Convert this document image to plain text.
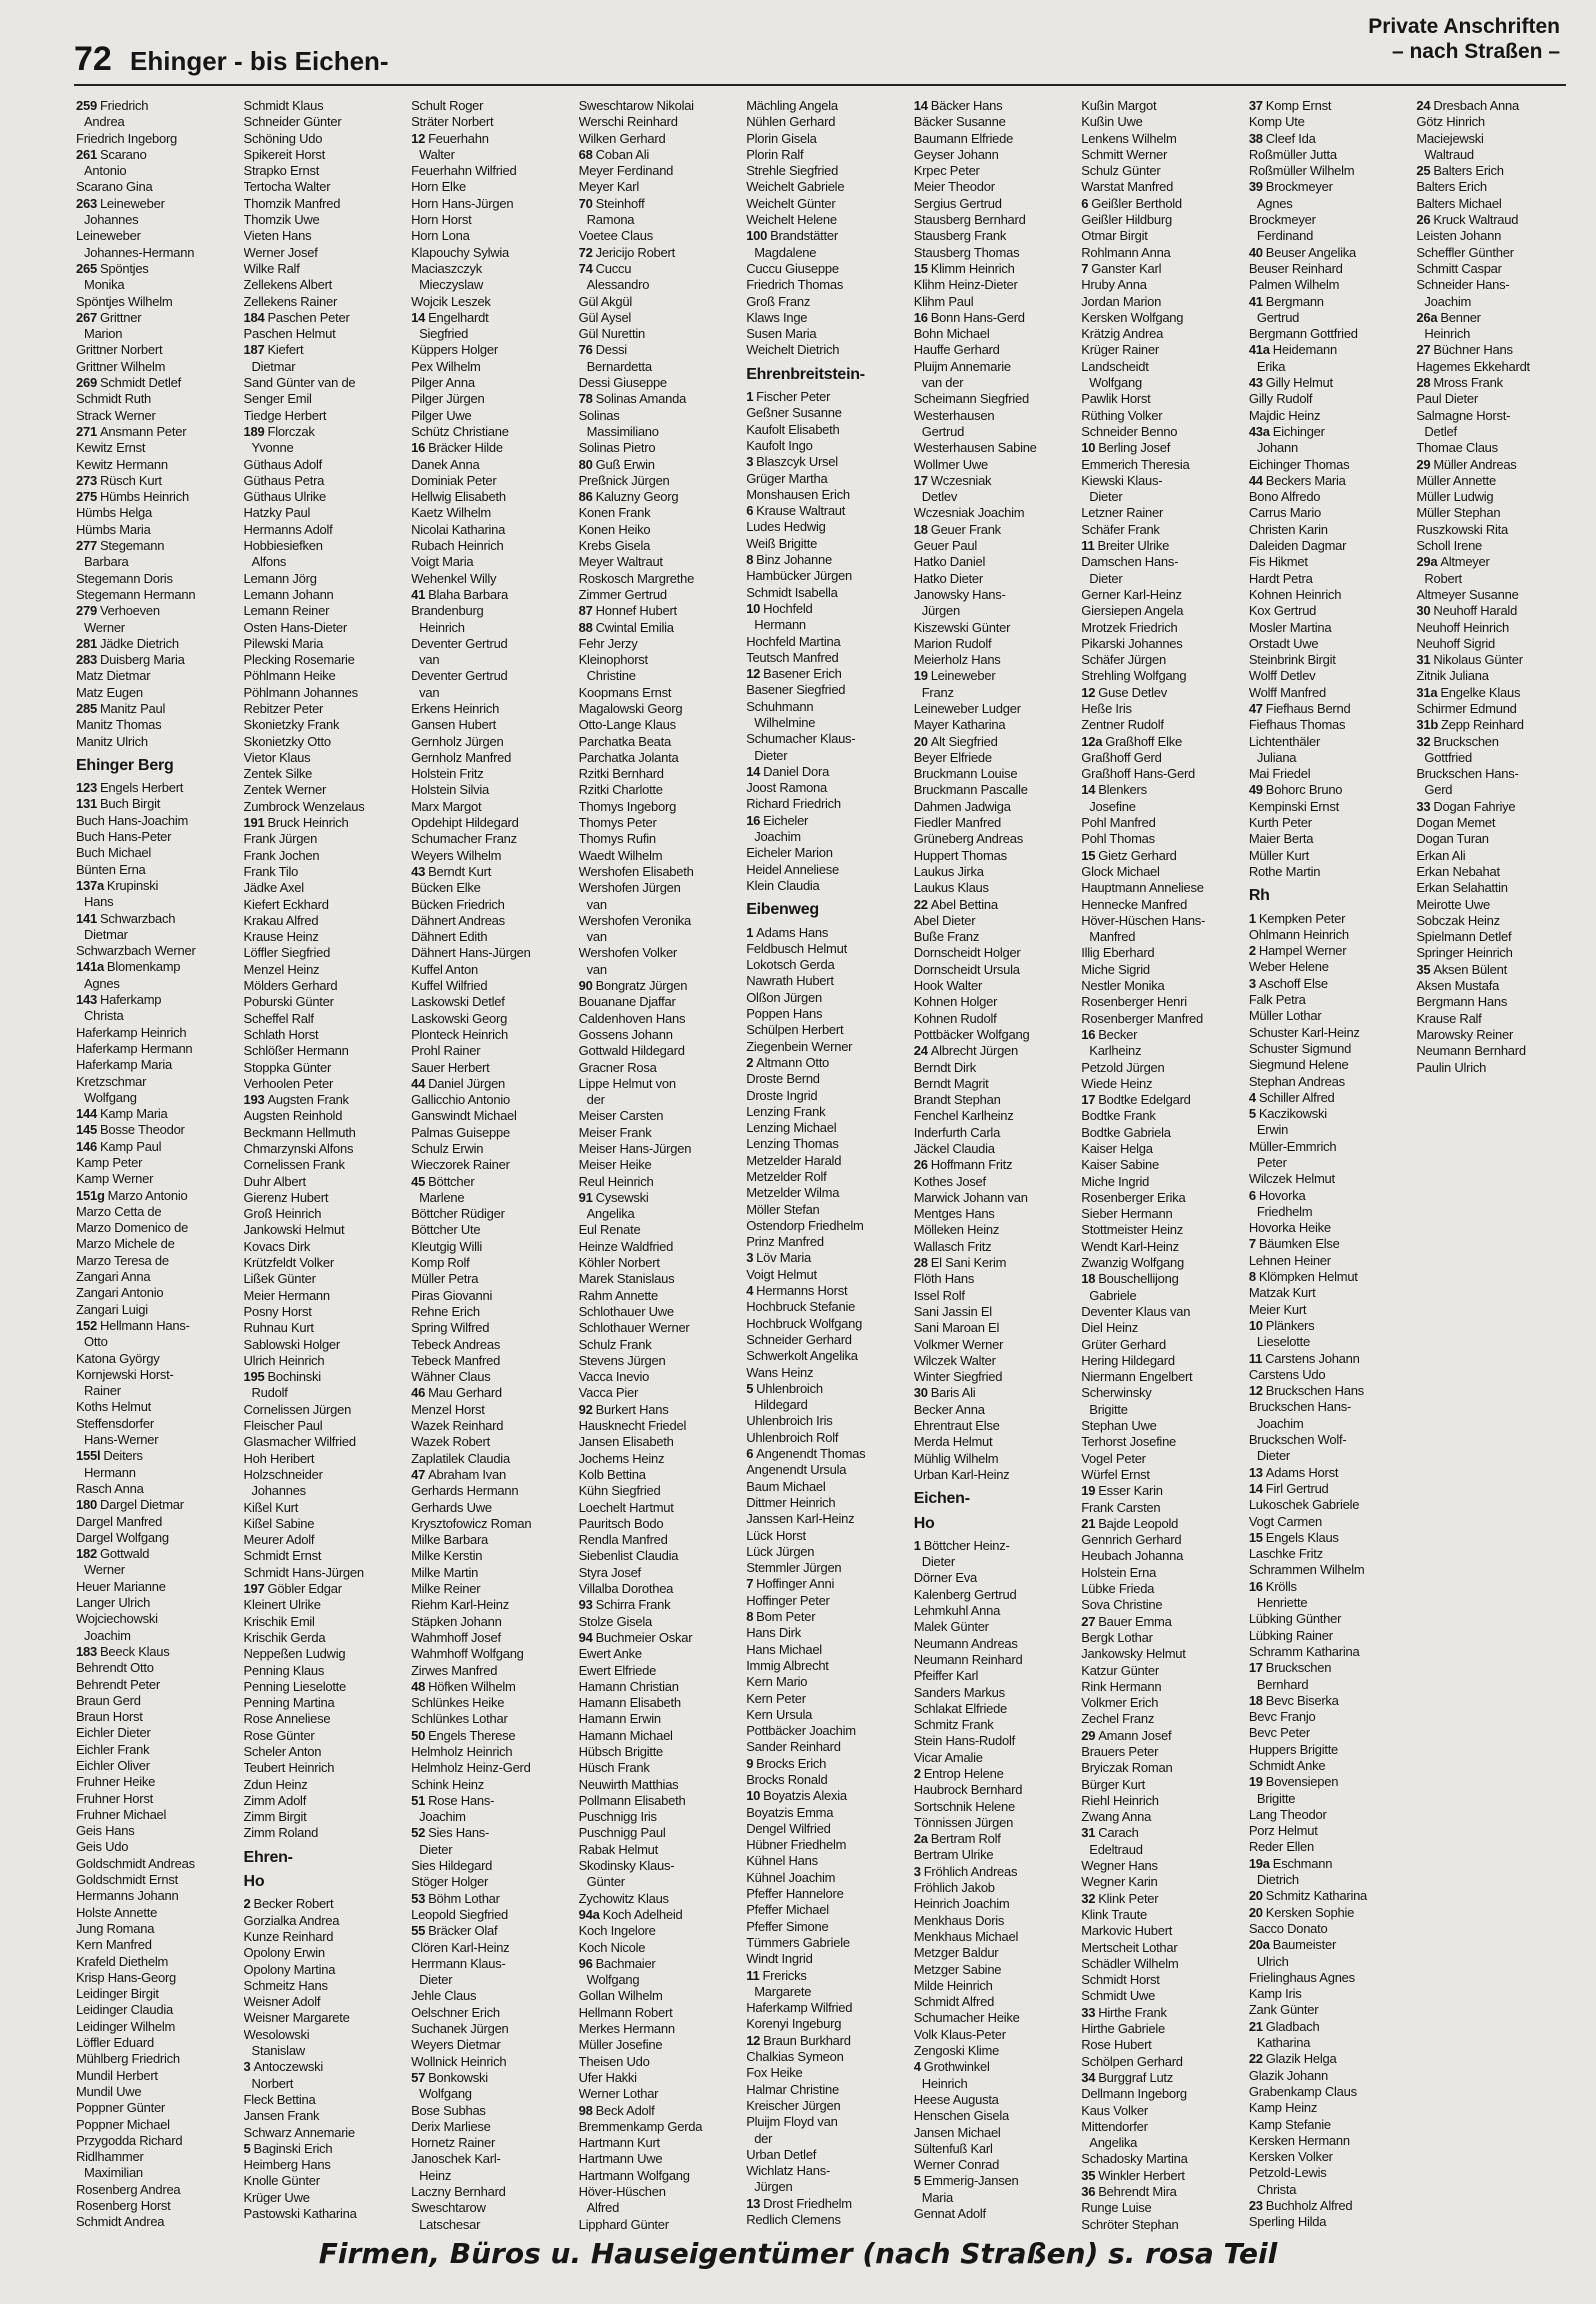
72 Ehinger - bis Eichen-
Private Anschriften
– nach Straßen –
259 Friedrich
Andrea
Friedrich Ingeborg
261 Scarano
Antonio
Scarano Gina
263 Leineweber
Johannes
Leineweber
Johannes-Hermann
265 Spöntjes
Monika
Spöntjes Wilhelm
267 Grittner
Marion
Grittner Norbert
Grittner Wilhelm
269 Schmidt Detlef
Schmidt Ruth
Strack Werner
271 Ansmann Peter
Kewitz Ernst
Kewitz Hermann
273 Rüsch Kurt
275 Hümbs Heinrich
Hümbs Helga
Hümbs Maria
277 Stegemann
Barbara
Stegemann Doris
Stegemann Hermann
279 Verhoeven
Werner
281 Jädke Dietrich
283 Duisberg Maria
Matz Dietmar
Matz Eugen
285 Manitz Paul
Manitz Thomas
Manitz Ulrich
Ehinger Berg
123 Engels Herbert
131 Buch Birgit
Buch Hans-Joachim
Buch Hans-Peter
Buch Michael
Bünten Erna
137a Krupinski
Hans
141 Schwarzbach
Dietmar
Schwarzbach Werner
141a Blomenkamp
Agnes
143 Haferkamp
Christa
Haferkamp Heinrich
Haferkamp Hermann
Haferkamp Maria
Kretzschmar
Wolfgang
144 Kamp Maria
145 Bosse Theodor
146 Kamp Paul
Kamp Peter
Kamp Werner
151g Marzo Antonio
Marzo Cetta de
Marzo Domenico de
Marzo Michele de
Marzo Teresa de
Zangari Anna
Zangari Antonio
Zangari Luigi
152 Hellmann Hans-
Otto
Katona György
Kornjewski Horst-
Rainer
Koths Helmut
Steffensdorfer
Hans-Werner
155l Deiters
Hermann
Rasch Anna
180 Dargel Dietmar
Dargel Manfred
Dargel Wolfgang
182 Gottwald
Werner
Heuer Marianne
Langer Ulrich
Wojciechowski
Joachim
183 Beeck Klaus
Behrendt Otto
Behrendt Peter
Braun Gerd
Braun Horst
Eichler Dieter
Eichler Frank
Eichler Oliver
Fruhner Heike
Fruhner Horst
Fruhner Michael
Geis Hans
Geis Udo
Goldschmidt Andreas
Goldschmidt Ernst
Hermanns Johann
Holste Annette
Jung Romana
Kern Manfred
Krafeld Diethelm
Krisp Hans-Georg
Leidinger Birgit
Leidinger Claudia
Leidinger Wilhelm
Löffler Eduard
Mühlberg Friedrich
Mundil Herbert
Mundil Uwe
Poppner Günter
Poppner Michael
Przygodda Richard
Ridlhammer
Maximilian
Rosenberg Andrea
Rosenberg Horst
Schmidt Andrea
Schmidt Klaus
Schneider Günter
Schöning Udo
Spikereit Horst
Strapko Ernst
Tertocha Walter
Thomzik Manfred
Thomzik Uwe
Vieten Hans
Werner Josef
Wilke Ralf
Zellekens Albert
Zellekens Rainer
184 Paschen Peter
Paschen Helmut
187 Kiefert
Dietmar
Sand Günter van de
Senger Emil
Tiedge Herbert
189 Florczak
Yvonne
Güthaus Adolf
Güthaus Petra
Güthaus Ulrike
Hatzky Paul
Hermanns Adolf
Hobbiesiefken
Alfons
Lemann Jörg
Lemann Johann
Lemann Reiner
Osten Hans-Dieter
Pilewski Maria
Plecking Rosemarie
Pöhlmann Heike
Pöhlmann Johannes
Rebitzer Peter
Skonietzky Frank
Skonietzky Otto
Vietor Klaus
Zentek Silke
Zentek Werner
Zumbrock Wenzelaus
191 Bruck Heinrich
Frank Jürgen
Frank Jochen
Frank Tilo
Jädke Axel
Kiefert Eckhard
Krakau Alfred
Krause Heinz
Löffler Siegfried
Menzel Heinz
Mölders Gerhard
Poburski Günter
Scheffel Ralf
Schlath Horst
Schlößer Hermann
Stoppka Günter
Verhoolen Peter
193 Augsten Frank
Augsten Reinhold
Beckmann Hellmuth
Chmarzynski Alfons
Cornelissen Frank
Duhr Albert
Gierenz Hubert
Groß Heinrich
Jankowski Helmut
Kovacs Dirk
Krützfeldt Volker
Lißek Günter
Meier Hermann
Posny Horst
Ruhnau Kurt
Sablowski Holger
Ulrich Heinrich
195 Bochinski
Rudolf
Cornelissen Jürgen
Fleischer Paul
Glasmacher Wilfried
Hoh Heribert
Holzschneider
Johannes
Kißel Kurt
Kißel Sabine
Meurer Adolf
Schmidt Ernst
Schmidt Hans-Jürgen
197 Göbler Edgar
Kleinert Ulrike
Krischik Emil
Krischik Gerda
Neppeßen Ludwig
Penning Klaus
Penning Lieselotte
Penning Martina
Rose Anneliese
Rose Günter
Scheler Anton
Teubert Heinrich
Zdun Heinz
Zimm Adolf
Zimm Birgit
Zimm Roland
Ehren-
Ho
2 Becker Robert
Gorzialka Andrea
Kunze Reinhard
Opolony Erwin
Opolony Martina
Schmeitz Hans
Weisner Adolf
Weisner Margarete
Wesolowski
Stanislaw
3 Antoczewski
Norbert
Fleck Bettina
Jansen Frank
Schwarz Annemarie
5 Baginski Erich
Heimberg Hans
Knolle Günter
Krüger Uwe
Pastowski Katharina
Schult Roger
Sträter Norbert
12 Feuerhahn
Walter
Feuerhahn Wilfried
Horn Elke
Horn Hans-Jürgen
Horn Horst
Horn Lona
Klapouchy Sylwia
Maciaszczyk
Mieczyslaw
Wojcik Leszek
14 Engelhardt
Siegfried
Küppers Holger
Pex Wilhelm
Pilger Anna
Pilger Jürgen
Pilger Uwe
Schütz Christiane
16 Bräcker Hilde
Danek Anna
Dominiak Peter
Hellwig Elisabeth
Kaetz Wilhelm
Nicolai Katharina
Rubach Heinrich
Voigt Maria
Wehenkel Willy
41 Blaha Barbara
Brandenburg
Heinrich
Deventer Gertrud
van
Deventer Gertrud
van
Erkens Heinrich
Gansen Hubert
Gernholz Jürgen
Gernholz Manfred
Holstein Fritz
Holstein Silvia
Marx Margot
Opdehipt Hildegard
Schumacher Franz
Weyers Wilhelm
43 Berndt Kurt
Bücken Elke
Bücken Friedrich
Dähnert Andreas
Dähnert Edith
Dähnert Hans-Jürgen
Kuffel Anton
Kuffel Wilfried
Laskowski Detlef
Laskowski Georg
Plonteck Heinrich
Prohl Rainer
Sauer Herbert
44 Daniel Jürgen
Gallicchio Antonio
Ganswindt Michael
Palmas Guiseppe
Schulz Erwin
Wieczorek Rainer
45 Böttcher
Marlene
Böttcher Rüdiger
Böttcher Ute
Kleutgig Willi
Komp Rolf
Müller Petra
Piras Giovanni
Rehne Erich
Spring Wilfred
Tebeck Andreas
Tebeck Manfred
Wähner Claus
46 Mau Gerhard
Menzel Horst
Wazek Reinhard
Wazek Robert
Zaplatilek Claudia
47 Abraham Ivan
Gerhards Hermann
Gerhards Uwe
Krysztofowicz Roman
Milke Barbara
Milke Kerstin
Milke Martin
Milke Reiner
Riehm Karl-Heinz
Stäpken Johann
Wahmhoff Josef
Wahmhoff Wolfgang
Zirwes Manfred
48 Höfken Wilhelm
Schlünkes Heike
Schlünkes Lothar
50 Engels Therese
Helmholz Heinrich
Helmholz Heinz-Gerd
Schink Heinz
51 Rose Hans-
Joachim
52 Sies Hans-
Dieter
Sies Hildegard
Stöger Holger
53 Böhm Lothar
Leopold Siegfried
55 Bräcker Olaf
Clören Karl-Heinz
Herrmann Klaus-
Dieter
Jehle Claus
Oelschner Erich
Suchanek Jürgen
Weyers Dietmar
Wollnick Heinrich
57 Bonkowski
Wolfgang
Bose Subhas
Derix Marliese
Hornetz Rainer
Janoschek Karl-
Heinz
Laczny Bernhard
Sweschtarow
Latschesar
Sweschtarow Nikolai
Werschi Reinhard
Wilken Gerhard
68 Coban Ali
Meyer Ferdinand
Meyer Karl
70 Steinhoff
Ramona
Voetee Claus
72 Jericijo Robert
74 Cuccu
Alessandro
Gül Akgül
Gül Aysel
Gül Nurettin
76 Dessi
Bernardetta
Dessi Giuseppe
78 Solinas Amanda
Solinas
Massimiliano
Solinas Pietro
80 Guß Erwin
Preßnick Jürgen
86 Kaluzny Georg
Konen Frank
Konen Heiko
Krebs Gisela
Meyer Waltraut
Roskosch Margrethe
Zimmer Gertrud
87 Honnef Hubert
88 Cwintal Emilia
Fehr Jerzy
Kleinophorst
Christine
Koopmans Ernst
Magalowski Georg
Otto-Lange Klaus
Parchatka Beata
Parchatka Jolanta
Rzitki Bernhard
Rzitki Charlotte
Thomys Ingeborg
Thomys Peter
Thomys Rufin
Waedt Wilhelm
Wershofen Elisabeth
Wershofen Jürgen
van
Wershofen Veronika
van
Wershofen Volker
van
90 Bongratz Jürgen
Bouanane Djaffar
Caldenhoven Hans
Gossens Johann
Gottwald Hildegard
Gracner Rosa
Lippe Helmut von
der
Meiser Carsten
Meiser Frank
Meiser Hans-Jürgen
Meiser Heike
Reul Heinrich
91 Cysewski
Angelika
Eul Renate
Heinze Waldfried
Köhler Norbert
Marek Stanislaus
Rahm Annette
Schlothauer Uwe
Schlothauer Werner
Schulz Frank
Stevens Jürgen
Vacca Inevio
Vacca Pier
92 Burkert Hans
Hausknecht Friedel
Jansen Elisabeth
Jochems Heinz
Kolb Bettina
Kühn Siegfried
Loechelt Hartmut
Pauritsch Bodo
Rendla Manfred
Siebenlist Claudia
Styra Josef
Villalba Dorothea
93 Schirra Frank
Stolze Gisela
94 Buchmeier Oskar
Ewert Anke
Ewert Elfriede
Hamann Christian
Hamann Elisabeth
Hamann Erwin
Hamann Michael
Hübsch Brigitte
Hüsch Frank
Neuwirth Matthias
Pollmann Elisabeth
Puschnigg Iris
Puschnigg Paul
Rabak Helmut
Skodinsky Klaus-
Günter
Zychowitz Klaus
94a Koch Adelheid
Koch Ingelore
Koch Nicole
96 Bachmaier
Wolfgang
Gollan Wilhelm
Hellmann Robert
Merkes Hermann
Müller Josefine
Theisen Udo
Ufer Hakki
Werner Lothar
98 Beck Adolf
Bremmenkamp Gerda
Hartmann Kurt
Hartmann Uwe
Hartmann Wolfgang
Höver-Hüschen
Alfred
Lipphard Günter
Mächling Angela
Nühlen Gerhard
Plorin Gisela
Plorin Ralf
Strehle Siegfried
Weichelt Gabriele
Weichelt Günter
Weichelt Helene
100 Brandstätter
Magdalene
Cuccu Giuseppe
Friedrich Thomas
Groß Franz
Klaws Inge
Susen Maria
Weichelt Dietrich
Ehrenbreitstein-
1 Fischer Peter
Geßner Susanne
Kaufolt Elisabeth
Kaufolt Ingo
3 Blaszcyk Ursel
Grüger Martha
Monshausen Erich
6 Krause Waltraut
Ludes Hedwig
Weiß Brigitte
8 Binz Johanne
Hambücker Jürgen
Schmidt Isabella
10 Hochfeld
Hermann
Hochfeld Martina
Teutsch Manfred
12 Basener Erich
Basener Siegfried
Schuhmann
Wilhelmine
Schumacher Klaus-
Dieter
14 Daniel Dora
Joost Ramona
Richard Friedrich
16 Eicheler
Joachim
Eicheler Marion
Heidel Anneliese
Klein Claudia
Eibenweg
1 Adams Hans
Feldbusch Helmut
Lokotsch Gerda
Nawrath Hubert
Olßon Jürgen
Poppen Hans
Schülpen Herbert
Ziegenbein Werner
2 Altmann Otto
Droste Bernd
Droste Ingrid
Lenzing Frank
Lenzing Michael
Lenzing Thomas
Metzelder Harald
Metzelder Rolf
Metzelder Wilma
Möller Stefan
Ostendorp Friedhelm
Prinz Manfred
3 Löv Maria
Voigt Helmut
4 Hermanns Horst
Hochbruck Stefanie
Hochbruck Wolfgang
Schneider Gerhard
Schwerkolt Angelika
Wans Heinz
5 Uhlenbroich
Hildegard
Uhlenbroich Iris
Uhlenbroich Rolf
6 Angenendt Thomas
Angenendt Ursula
Baum Michael
Dittmer Heinrich
Janssen Karl-Heinz
Lück Horst
Lück Jürgen
Stemmler Jürgen
7 Hoffinger Anni
Hoffinger Peter
8 Bom Peter
Hans Dirk
Hans Michael
Immig Albrecht
Kern Mario
Kern Peter
Kern Ursula
Pottbäcker Joachim
Sander Reinhard
9 Brocks Erich
Brocks Ronald
10 Boyatzis Alexia
Boyatzis Emma
Dengel Wilfried
Hübner Friedhelm
Kühnel Hans
Kühnel Joachim
Pfeffer Hannelore
Pfeffer Michael
Pfeffer Simone
Tümmers Gabriele
Windt Ingrid
11 Frericks
Margarete
Haferkamp Wilfried
Korenyi Ingeburg
12 Braun Burkhard
Chalkias Symeon
Fox Heike
Halmar Christine
Kreischer Jürgen
Pluijm Floyd van
der
Urban Detlef
Wichlatz Hans-
Jürgen
13 Drost Friedhelm
Redlich Clemens
14 Bäcker Hans
Bäcker Susanne
Baumann Elfriede
Geyser Johann
Krpec Peter
Meier Theodor
Sergius Gertrud
Stausberg Bernhard
Stausberg Frank
Stausberg Thomas
15 Klimm Heinrich
Klihm Heinz-Dieter
Klihm Paul
16 Bonn Hans-Gerd
Bohn Michael
Hauffe Gerhard
Pluijm Annemarie
van der
Scheimann Siegfried
Westerhausen
Gertrud
Westerhausen Sabine
Wollmer Uwe
17 Wczesniak
Detlev
Wczesniak Joachim
18 Geuer Frank
Geuer Paul
Hatko Daniel
Hatko Dieter
Janowsky Hans-
Jürgen
Kiszewski Günter
Marion Rudolf
Meierholz Hans
19 Leineweber
Franz
Leineweber Ludger
Mayer Katharina
20 Alt Siegfried
Beyer Elfriede
Bruckmann Louise
Bruckmann Pascalle
Dahmen Jadwiga
Fiedler Manfred
Grüneberg Andreas
Huppert Thomas
Laukus Jirka
Laukus Klaus
22 Abel Bettina
Abel Dieter
Buße Franz
Dornscheidt Holger
Dornscheidt Ursula
Hook Walter
Kohnen Holger
Kohnen Rudolf
Pottbäcker Wolfgang
24 Albrecht Jürgen
Berndt Dirk
Berndt Magrit
Brandt Stephan
Fenchel Karlheinz
Inderfurth Carla
Jäckel Claudia
26 Hoffmann Fritz
Kothes Josef
Marwick Johann van
Mentges Hans
Mölleken Heinz
Wallasch Fritz
28 El Sani Kerim
Flöth Hans
Issel Rolf
Sani Jassin El
Sani Maroan El
Volkmer Werner
Wilczek Walter
Winter Siegfried
30 Baris Ali
Becker Anna
Ehrentraut Else
Merda Helmut
Mühlig Wilhelm
Urban Karl-Heinz
Eichen-
Ho
1 Böttcher Heinz-
Dieter
Dörner Eva
Kalenberg Gertrud
Lehmkuhl Anna
Malek Günter
Neumann Andreas
Neumann Reinhard
Pfeiffer Karl
Sanders Markus
Schlakat Elfriede
Schmitz Frank
Stein Hans-Rudolf
Vicar Amalie
2 Entrop Helene
Haubrock Bernhard
Sortschnik Helene
Tönnissen Jürgen
2a Bertram Rolf
Bertram Ulrike
3 Fröhlich Andreas
Fröhlich Jakob
Heinrich Joachim
Menkhaus Doris
Menkhaus Michael
Metzger Baldur
Metzger Sabine
Milde Heinrich
Schmidt Alfred
Schumacher Heike
Volk Klaus-Peter
Zengoski Klime
4 Grothwinkel
Heinrich
Heese Augusta
Henschen Gisela
Jansen Michael
Sültenfuß Karl
Werner Conrad
5 Emmerig-Jansen
Maria
Gennat Adolf
Kußin Margot
Kußin Uwe
Lenkens Wilhelm
Schmitt Werner
Schulz Günter
Warstat Manfred
6 Geißler Berthold
Geißler Hildburg
Otmar Birgit
Rohlmann Anna
7 Ganster Karl
Hruby Anna
Jordan Marion
Kersken Wolfgang
Krätzig Andrea
Krüger Rainer
Landscheidt
Wolfgang
Pawlik Horst
Rüthing Volker
Schneider Benno
10 Berling Josef
Emmerich Theresia
Kiewski Klaus-
Dieter
Letzner Rainer
Schäfer Frank
11 Breiter Ulrike
Damschen Hans-
Dieter
Gerner Karl-Heinz
Giersiepen Angela
Mrotzek Friedrich
Pikarski Johannes
Schäfer Jürgen
Strehling Wolfgang
12 Guse Detlev
Heße Iris
Zentner Rudolf
12a Graßhoff Elke
Graßhoff Gerd
Graßhoff Hans-Gerd
14 Blenkers
Josefine
Pohl Manfred
Pohl Thomas
15 Gietz Gerhard
Glock Michael
Hauptmann Anneliese
Hennecke Manfred
Höver-Hüschen Hans-
Manfred
Illig Eberhard
Miche Sigrid
Nestler Monika
Rosenberger Henri
Rosenberger Manfred
16 Becker
Karlheinz
Petzold Jürgen
Wiede Heinz
17 Bodtke Edelgard
Bodtke Frank
Bodtke Gabriela
Kaiser Helga
Kaiser Sabine
Miche Ingrid
Rosenberger Erika
Sieber Hermann
Stottmeister Heinz
Wendt Karl-Heinz
Zwanzig Wolfgang
18 Bouschellijong
Gabriele
Deventer Klaus van
Diel Heinz
Grüter Gerhard
Hering Hildegard
Niermann Engelbert
Scherwinsky
Brigitte
Stephan Uwe
Terhorst Josefine
Vogel Peter
Würfel Ernst
19 Esser Karin
Frank Carsten
21 Bajde Leopold
Gennrich Gerhard
Heubach Johanna
Holstein Erna
Lübke Frieda
Sova Christine
27 Bauer Emma
Bergk Lothar
Jankowsky Helmut
Katzur Günter
Rink Hermann
Volkmer Erich
Zechel Franz
29 Amann Josef
Brauers Peter
Bryiczak Roman
Bürger Kurt
Riehl Heinrich
Zwang Anna
31 Carach
Edeltraud
Wegner Hans
Wegner Karin
32 Klink Peter
Klink Traute
Markovic Hubert
Mertscheit Lothar
Schädler Wilhelm
Schmidt Horst
Schmidt Uwe
33 Hirthe Frank
Hirthe Gabriele
Rose Hubert
Schölpen Gerhard
34 Burggraf Lutz
Dellmann Ingeborg
Kaus Volker
Mittendorfer
Angelika
Schadosky Martina
35 Winkler Herbert
36 Behrendt Mira
Runge Luise
Schröter Stephan
37 Komp Ernst
Komp Ute
38 Cleef Ida
Roßmüller Jutta
Roßmüller Wilhelm
39 Brockmeyer
Agnes
Brockmeyer
Ferdinand
40 Beuser Angelika
Beuser Reinhard
Palmen Wilhelm
41 Bergmann
Gertrud
Bergmann Gottfried
41a Heidemann
Erika
43 Gilly Helmut
Gilly Rudolf
Majdic Heinz
43a Eichinger
Johann
Eichinger Thomas
44 Beckers Maria
Bono Alfredo
Carrus Mario
Christen Karin
Daleiden Dagmar
Fis Hikmet
Hardt Petra
Kohnen Heinrich
Kox Gertrud
Mosler Martina
Orstadt Uwe
Steinbrink Birgit
Wolff Detlev
Wolff Manfred
47 Fiefhaus Bernd
Fiefhaus Thomas
Lichtenthäler
Juliana
Mai Friedel
49 Bohorc Bruno
Kempinski Ernst
Kurth Peter
Maier Berta
Müller Kurt
Rothe Martin
Rh
1 Kempken Peter
Ohlmann Heinrich
2 Hampel Werner
Weber Helene
3 Aschoff Else
Falk Petra
Müller Lothar
Schuster Karl-Heinz
Schuster Sigmund
Siegmund Helene
Stephan Andreas
4 Schiller Alfred
5 Kaczikowski
Erwin
Müller-Emmrich
Peter
Wilczek Helmut
6 Hovorka
Friedhelm
Hovorka Heike
7 Bäumken Else
Lehnen Heiner
8 Klömpken Helmut
Matzak Kurt
Meier Kurt
10 Plänkers
Lieselotte
11 Carstens Johann
Carstens Udo
12 Bruckschen Hans
Bruckschen Hans-
Joachim
Bruckschen Wolf-
Dieter
13 Adams Horst
14 Firl Gertrud
Lukoschek Gabriele
Vogt Carmen
15 Engels Klaus
Laschke Fritz
Schrammen Wilhelm
16 Krölls
Henriette
Lübking Günther
Lübking Rainer
Schramm Katharina
17 Bruckschen
Bernhard
18 Bevc Biserka
Bevc Franjo
Bevc Peter
Huppers Brigitte
Schmidt Anke
19 Bovensiepen
Brigitte
Lang Theodor
Porz Helmut
Reder Ellen
19a Eschmann
Dietrich
20 Schmitz Katharina
20 Kersken Sophie
Sacco Donato
20a Baumeister
Ulrich
Frielinghaus Agnes
Kamp Iris
Zank Günter
21 Gladbach
Katharina
22 Glazik Helga
Glazik Johann
Grabenkamp Claus
Kamp Heinz
Kamp Stefanie
Kersken Hermann
Kersken Volker
Petzold-Lewis
Christa
23 Buchholz Alfred
Sperling Hilda
24 Dresbach Anna
Götz Hinrich
Maciejewski
Waltraud
25 Balters Erich
Balters Erich
Balters Michael
26 Kruck Waltraud
Leisten Johann
Scheffler Günther
Schmitt Caspar
Schneider Hans-
Joachim
26a Benner
Heinrich
27 Büchner Hans
Hagemes Ekkehardt
28 Mross Frank
Paul Dieter
Salmagne Horst-
Detlef
Thomae Claus
29 Müller Andreas
Müller Annette
Müller Ludwig
Müller Stephan
Ruszkowski Rita
Scholl Irene
29a Altmeyer
Robert
Altmeyer Susanne
30 Neuhoff Harald
Neuhoff Heinrich
Neuhoff Sigrid
31 Nikolaus Günter
Zitnik Juliana
31a Engelke Klaus
Schirmer Edmund
31b Zepp Reinhard
32 Bruckschen
Gottfried
Bruckschen Hans-
Gerd
33 Dogan Fahriye
Dogan Memet
Dogan Turan
Erkan Ali
Erkan Nebahat
Erkan Selahattin
Meirotte Uwe
Sobczak Heinz
Spielmann Detlef
Springer Heinrich
35 Aksen Bülent
Aksen Mustafa
Bergmann Hans
Krause Ralf
Marowsky Reiner
Neumann Bernhard
Paulin Ulrich
Firmen, Büros u. Hauseigentümer (nach Straßen) s. rosa Teil
